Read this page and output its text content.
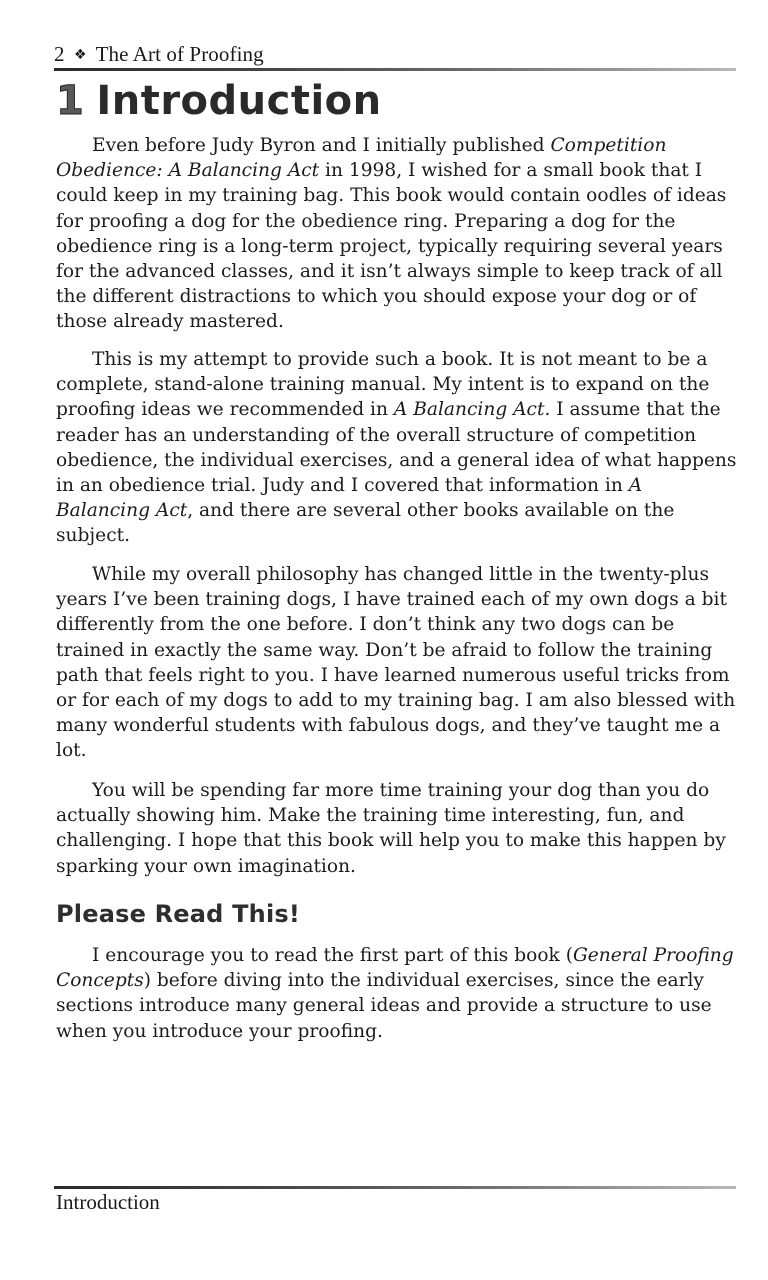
2 ❖ The Art of Proofing
1 Introduction

Even before Judy Byron and I initially published Competition Obedience: A Balancing Act in 1998, I wished for a small book that I could keep in my training bag. This book would contain oodles of ideas for proofing a dog for the obedience ring. Preparing a dog for the obedience ring is a long-term project, typically requiring several years for the advanced classes, and it isn’t always simple to keep track of all the different distractions to which you should expose your dog or of those already mastered.

This is my attempt to provide such a book. It is not meant to be a complete, stand-alone training manual. My intent is to expand on the proofing ideas we recommended in A Balancing Act. I assume that the reader has an understanding of the overall structure of competition obedience, the individual exercises, and a general idea of what happens in an obedience trial. Judy and I covered that information in A Balancing Act, and there are several other books available on the subject.

While my overall philosophy has changed little in the twenty-plus years I’ve been training dogs, I have trained each of my own dogs a bit differently from the one before. I don’t think any two dogs can be trained in exactly the same way. Don’t be afraid to follow the training path that feels right to you. I have learned numerous useful tricks from or for each of my dogs to add to my training bag. I am also blessed with many wonderful students with fabulous dogs, and they’ve taught me a lot.

You will be spending far more time training your dog than you do actually showing him. Make the training time interesting, fun, and challenging. I hope that this book will help you to make this happen by sparking your own imagination.

Please Read This!

I encourage you to read the first part of this book (General Proofing Concepts) before diving into the individual exercises, since the early sections introduce many general ideas and provide a structure to use when you introduce your proofing.

Introduction
